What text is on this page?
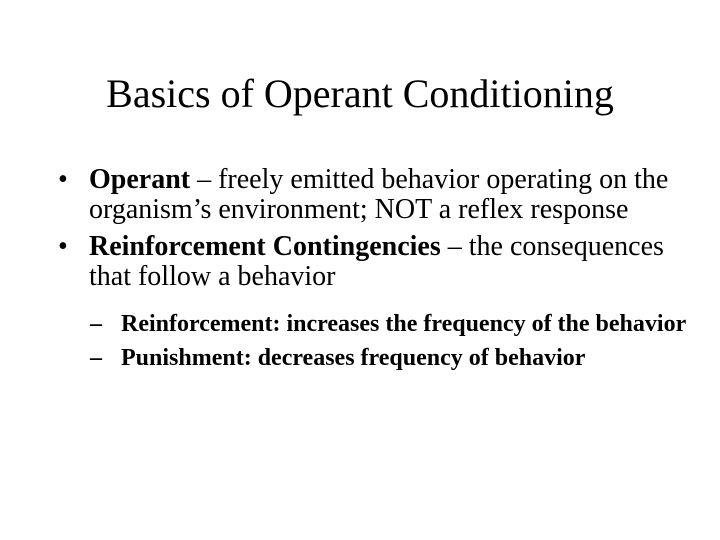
Basics of Operant Conditioning
• Operant – freely emitted behavior operating on the organism’s environment; NOT a reflex response
• Reinforcement Contingencies – the consequences that follow a behavior
– Reinforcement: increases the frequency of the behavior
– Punishment: decreases frequency of behavior
